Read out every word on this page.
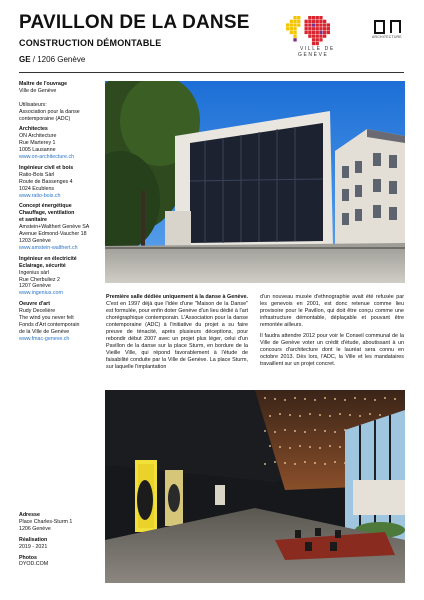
PAVILLON DE LA DANSE
CONSTRUCTION DÉMONTABLE
GE / 1206 Genève
VILLE DE
GENÈVE
ARCHITECTURE
Maître de l'ouvrage
Ville de Genève
Utilisateurs:
Association pour la danse
contemporaine (ADC)
Architectes
ON Architecture
Rue Marterey 1
1005 Lausanne
www.on-architecture.ch
Ingénieur civil et bois
Ratio-Bois Sàrl
Route de Bassenges 4
1024 Ecublens
www.ratio-bois.ch
Concept énergétique
Chauffage, ventilation
et sanitaire
Amstein+Walthert Genève SA
Avenue Edmond-Vaucher 18
1203 Genève
www.amstein-walthert.ch
Ingénieur en électricité
Eclairage, sécurité
Ingenius sàrl
Rue Cherbuliez 2
1207 Genève
www.ingenius.com
Oeuvre d'art
Rudy Decelière
The wind you never felt
Fonds d'Art contemporain
de la Ville de Genève
www.fmac-geneve.ch
Adresse
Place Charles-Sturm 1
1206 Genève
Réalisation
2019 - 2021
Photos
DYOD.COM

Première salle dédiée uniquement à la danse à Genève. C'est en 1997 déjà que l'idée d'une "Maison de la Danse" est formulée, pour enfin doter Genève d'un lieu dédié à l'art chorégraphique contemporain. L'Association pour la danse contemporaine (ADC) à l'initiative du projet a su faire preuve de ténacité, après plusieurs déceptions, pour rebondir début 2007 avec un projet plus léger, celui d'un Pavillon de la danse sur la place Sturm, en bordure de la Vieille Ville, qui répond favorablement à l'étude de faisabilité conduite par la Ville de Genève. La place Sturm, sur laquelle l'implantation

d'un nouveau musée d'ethnographie avait été refusée par les genevois en 2001, est donc retenue comme lieu provisoire pour le Pavillon, qui doit être conçu comme une infrastructure démontable, déplaçable et pouvant être remontée ailleurs.

Il faudra attendre 2012 pour voir le Conseil communal de la Ville de Genève voter un crédit d'étude, aboutissant à un concours d'architecture dont le lauréat sera connu en octobre 2013. Dès lors, l'ADC, la Ville et les mandataires travaillent sur un projet concret.
